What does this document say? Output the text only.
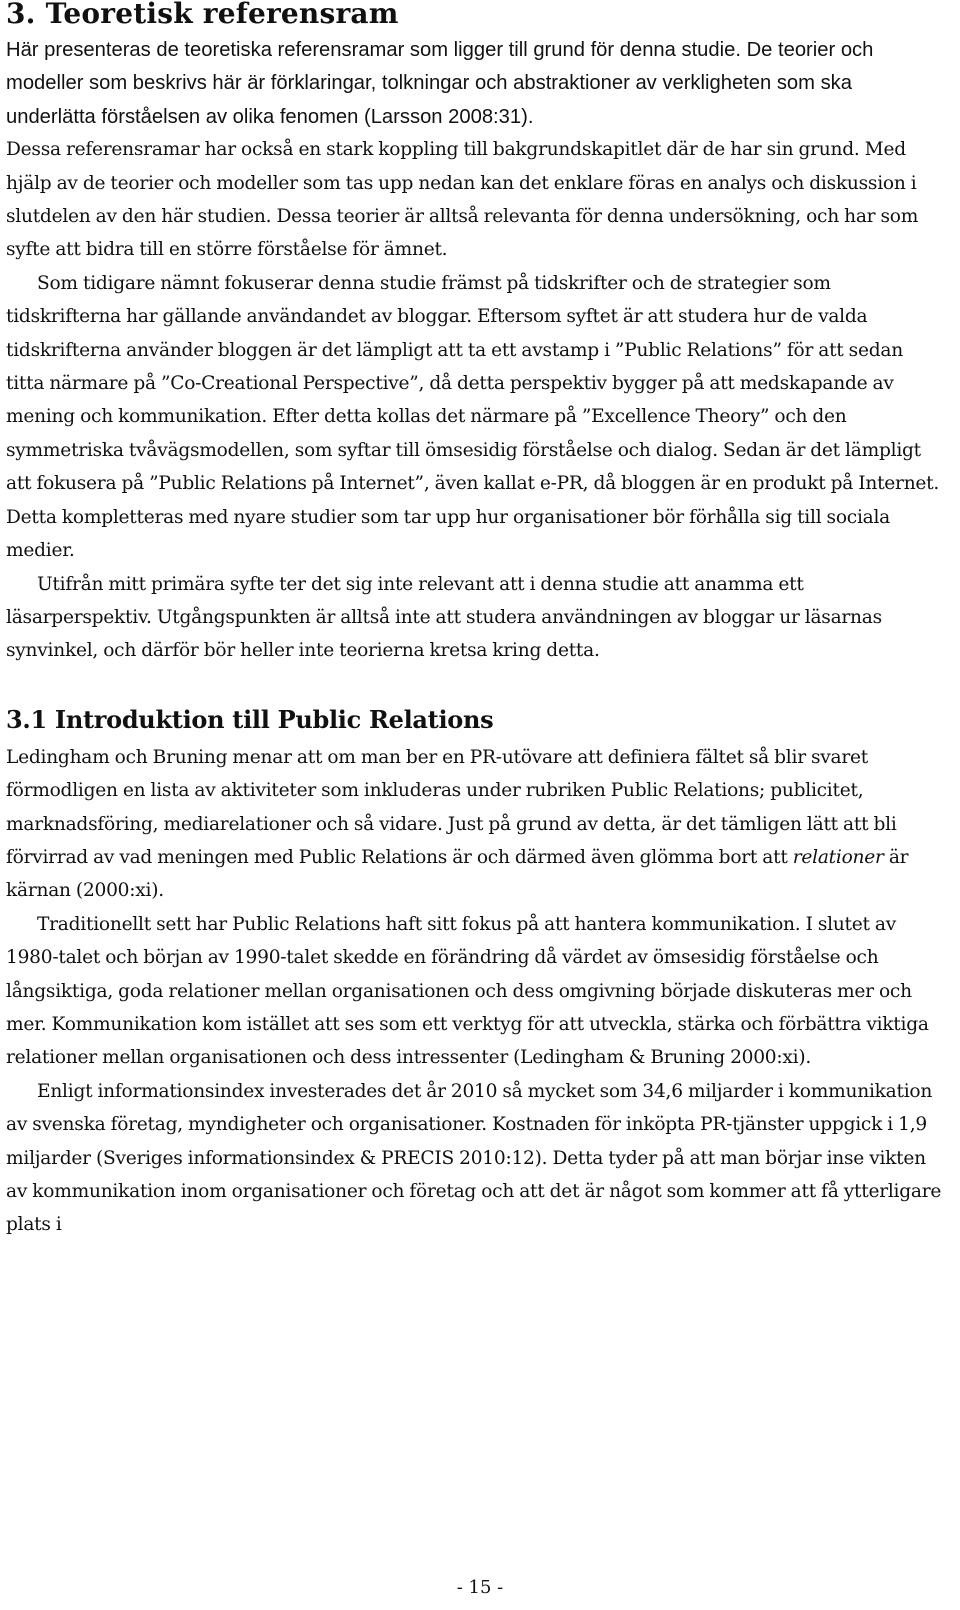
3. Teoretisk referensram

Här presenteras de teoretiska referensramar som ligger till grund för denna studie. De teorier och modeller som beskrivs här är förklaringar, tolkningar och abstraktioner av verkligheten som ska underlätta förståelsen av olika fenomen (Larsson 2008:31).

Dessa referensramar har också en stark koppling till bakgrundskapitlet där de har sin grund. Med hjälp av de teorier och modeller som tas upp nedan kan det enklare föras en analys och diskussion i slutdelen av den här studien. Dessa teorier är alltså relevanta för denna undersökning, och har som syfte att bidra till en större förståelse för ämnet.

Som tidigare nämnt fokuserar denna studie främst på tidskrifter och de strategier som tidskrifterna har gällande användandet av bloggar. Eftersom syftet är att studera hur de valda tidskrifterna använder bloggen är det lämpligt att ta ett avstamp i ”Public Relations” för att sedan titta närmare på ”Co-Creational Perspective”, då detta perspektiv bygger på att medskapande av mening och kommunikation. Efter detta kollas det närmare på ”Excellence Theory” och den symmetriska tvåvägsmodellen, som syftar till ömsesidig förståelse och dialog. Sedan är det lämpligt att fokusera på ”Public Relations på Internet”, även kallat e-PR, då bloggen är en produkt på Internet. Detta kompletteras med nyare studier som tar upp hur organisationer bör förhålla sig till sociala medier.

Utifrån mitt primära syfte ter det sig inte relevant att i denna studie att anamma ett läsarperspektiv. Utgångspunkten är alltså inte att studera användningen av bloggar ur läsarnas synvinkel, och därför bör heller inte teorierna kretsa kring detta.

3.1 Introduktion till Public Relations

Ledingham och Bruning menar att om man ber en PR-utövare att definiera fältet så blir svaret förmodligen en lista av aktiviteter som inkluderas under rubriken Public Relations; publicitet, marknadsföring, mediarelationer och så vidare. Just på grund av detta, är det tämligen lätt att bli förvirrad av vad meningen med Public Relations är och därmed även glömma bort att relationer är kärnan (2000:xi).

Traditionellt sett har Public Relations haft sitt fokus på att hantera kommunikation. I slutet av 1980-talet och början av 1990-talet skedde en förändring då värdet av ömsesidig förståelse och långsiktiga, goda relationer mellan organisationen och dess omgivning började diskuteras mer och mer. Kommunikation kom istället att ses som ett verktyg för att utveckla, stärka och förbättra viktiga relationer mellan organisationen och dess intressenter (Ledingham & Bruning 2000:xi).

Enligt informationsindex investerades det år 2010 så mycket som 34,6 miljarder i kommunikation av svenska företag, myndigheter och organisationer. Kostnaden för inköpta PR-tjänster uppgick i 1,9 miljarder (Sveriges informationsindex & PRECIS 2010:12). Detta tyder på att man börjar inse vikten av kommunikation inom organisationer och företag och att det är något som kommer att få ytterligare plats i

- 15 -
